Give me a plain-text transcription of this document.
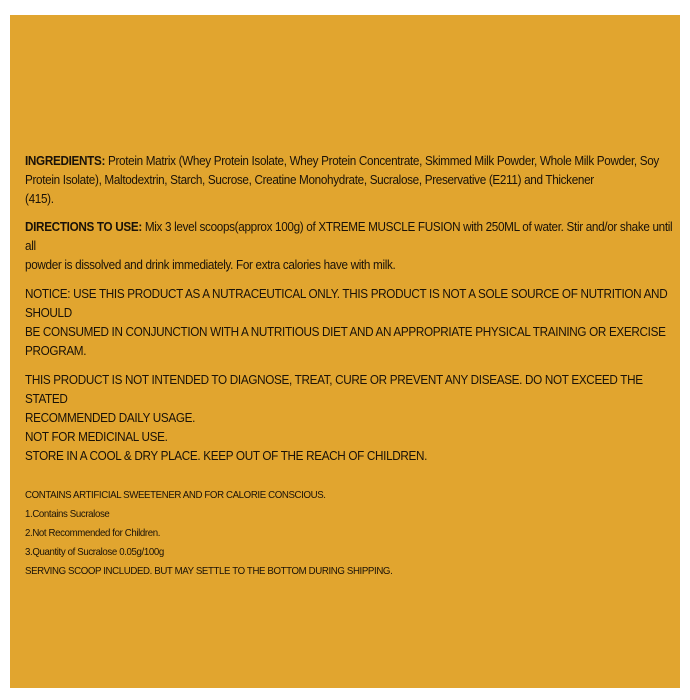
INGREDIENTS: Protein Matrix (Whey Protein Isolate, Whey Protein Concentrate, Skimmed Milk Powder, Whole Milk Powder, Soy
Protein Isolate), Maltodextrin, Starch, Sucrose, Creatine Monohydrate, Sucralose, Preservative (E211) and Thickener
(415).
DIRECTIONS TO USE: Mix 3 level scoops(approx 100g) of XTREME MUSCLE FUSION with 250ML of water. Stir and/or shake until all
powder is dissolved and drink immediately. For extra calories have with milk.
NOTICE: USE THIS PRODUCT AS A NUTRACEUTICAL ONLY. THIS PRODUCT IS NOT A SOLE SOURCE OF NUTRITION AND SHOULD
BE CONSUMED IN CONJUNCTION WITH A NUTRITIOUS DIET AND AN APPROPRIATE PHYSICAL TRAINING OR EXERCISE PROGRAM.
THIS PRODUCT IS NOT INTENDED TO DIAGNOSE, TREAT, CURE OR PREVENT ANY DISEASE. DO NOT EXCEED THE STATED
RECOMMENDED DAILY USAGE.
NOT FOR MEDICINAL USE.
STORE IN A COOL & DRY PLACE. KEEP OUT OF THE REACH OF CHILDREN.
CONTAINS ARTIFICIAL SWEETENER AND FOR CALORIE CONSCIOUS.
1.Contains Sucralose
2.Not Recommended for Children.
3.Quantity of Sucralose 0.05g/100g
SERVING SCOOP INCLUDED. BUT MAY SETTLE TO THE BOTTOM DURING SHIPPING.
